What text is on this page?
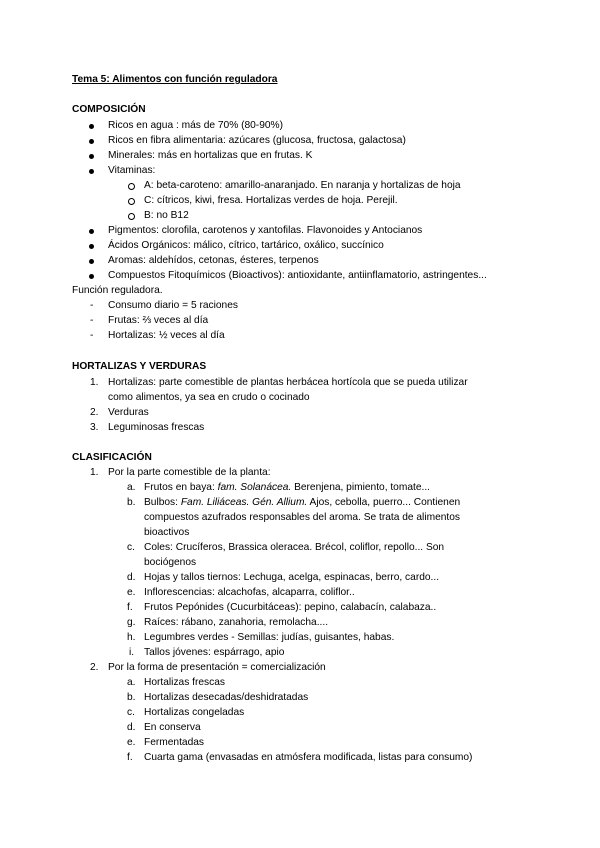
Tema 5: Alimentos con función reguladora
COMPOSICIÓN
Ricos en agua : más de 70% (80-90%)
Ricos en fibra alimentaria: azúcares (glucosa, fructosa, galactosa)
Minerales: más en hortalizas que en frutas. K
Vitaminas:
A: beta-caroteno: amarillo-anaranjado. En naranja y hortalizas de hoja
C: cítricos, kiwi, fresa. Hortalizas verdes de hoja. Perejil.
B: no B12
Pigmentos: clorofila, carotenos y xantofilas. Flavonoides y Antocianos
Ácidos Orgánicos: málico, cítrico, tartárico, oxálico, succínico
Aromas: aldehídos, cetonas, ésteres, terpenos
Compuestos Fitoquímicos (Bioactivos): antioxidante, antiinflamatorio, astringentes...
Función reguladora.
- Consumo diario = 5 raciones
- Frutas: ⅔ veces al día
- Hortalizas: ½ veces al día
HORTALIZAS Y VERDURAS
1. Hortalizas: parte comestible de plantas herbácea hortícola que se pueda utilizar
como alimentos, ya sea en crudo o cocinado
2. Verduras
3. Leguminosas frescas
CLASIFICACIÓN
1. Por la parte comestible de la planta:
a. Frutos en baya: fam. Solanácea. Berenjena, pimiento, tomate...
b. Bulbos: Fam. Liliáceas. Gén. Allium. Ajos, cebolla, puerro... Contienen
compuestos azufrados responsables del aroma. Se trata de alimentos
bioactivos
c. Coles: Crucíferos, Brassica oleracea. Brécol, coliflor, repollo... Son
bociógenos
d. Hojas y tallos tiernos: Lechuga, acelga, espinacas, berro, cardo...
e. Inflorescencias: alcachofas, alcaparra, coliflor..
f. Frutos Pepónides (Cucurbitáceas): pepino, calabacín, calabaza..
g. Raíces: rábano, zanahoria, remolacha....
h. Legumbres verdes - Semillas: judías, guisantes, habas.
i. Tallos jóvenes: espárrago, apio
2. Por la forma de presentación = comercialización
a. Hortalizas frescas
b. Hortalizas desecadas/deshidratadas
c. Hortalizas congeladas
d. En conserva
e. Fermentadas
f. Cuarta gama (envasadas en atmósfera modificada, listas para consumo)
